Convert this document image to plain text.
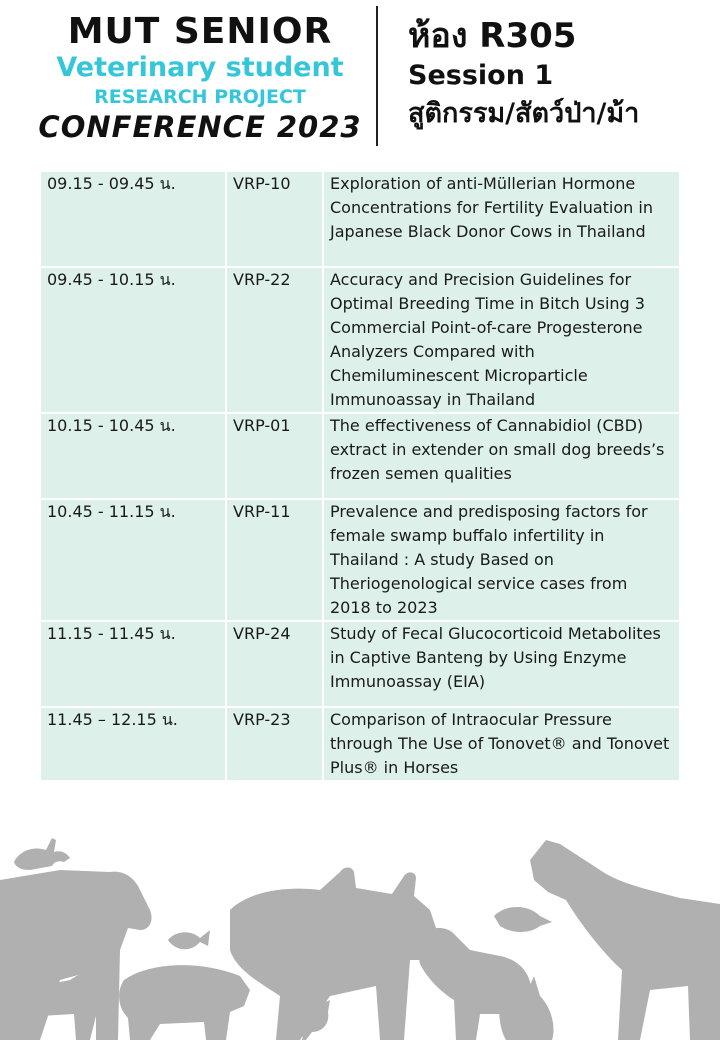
MUT SENIOR
Veterinary student
RESEARCH PROJECT
CONFERENCE 2023
ห้อง R305
Session 1
สูติกรรม/สัตว์ป่า/ม้า
09.15 - 09.45 น.	VRP-10	Exploration of anti-Müllerian Hormone Concentrations for Fertility Evaluation in Japanese Black Donor Cows in Thailand
09.45 - 10.15 น.	VRP-22	Accuracy and Precision Guidelines for Optimal Breeding Time in Bitch Using 3 Commercial Point-of-care Progesterone Analyzers Compared with Chemiluminescent Microparticle Immunoassay in Thailand
10.15 - 10.45 น.	VRP-01	The effectiveness of Cannabidiol (CBD) extract in extender on small dog breeds’s frozen semen qualities
10.45 - 11.15 น.	VRP-11	Prevalence and predisposing factors for female swamp buffalo infertility in Thailand : A study Based on Theriogenological service cases from 2018 to 2023
11.15 - 11.45 น.	VRP-24	Study of Fecal Glucocorticoid Metabolites in Captive Banteng by Using Enzyme Immunoassay (EIA)
11.45 – 12.15 น.	VRP-23	Comparison of Intraocular Pressure through The Use of Tonovet® and Tonovet Plus® in Horses
